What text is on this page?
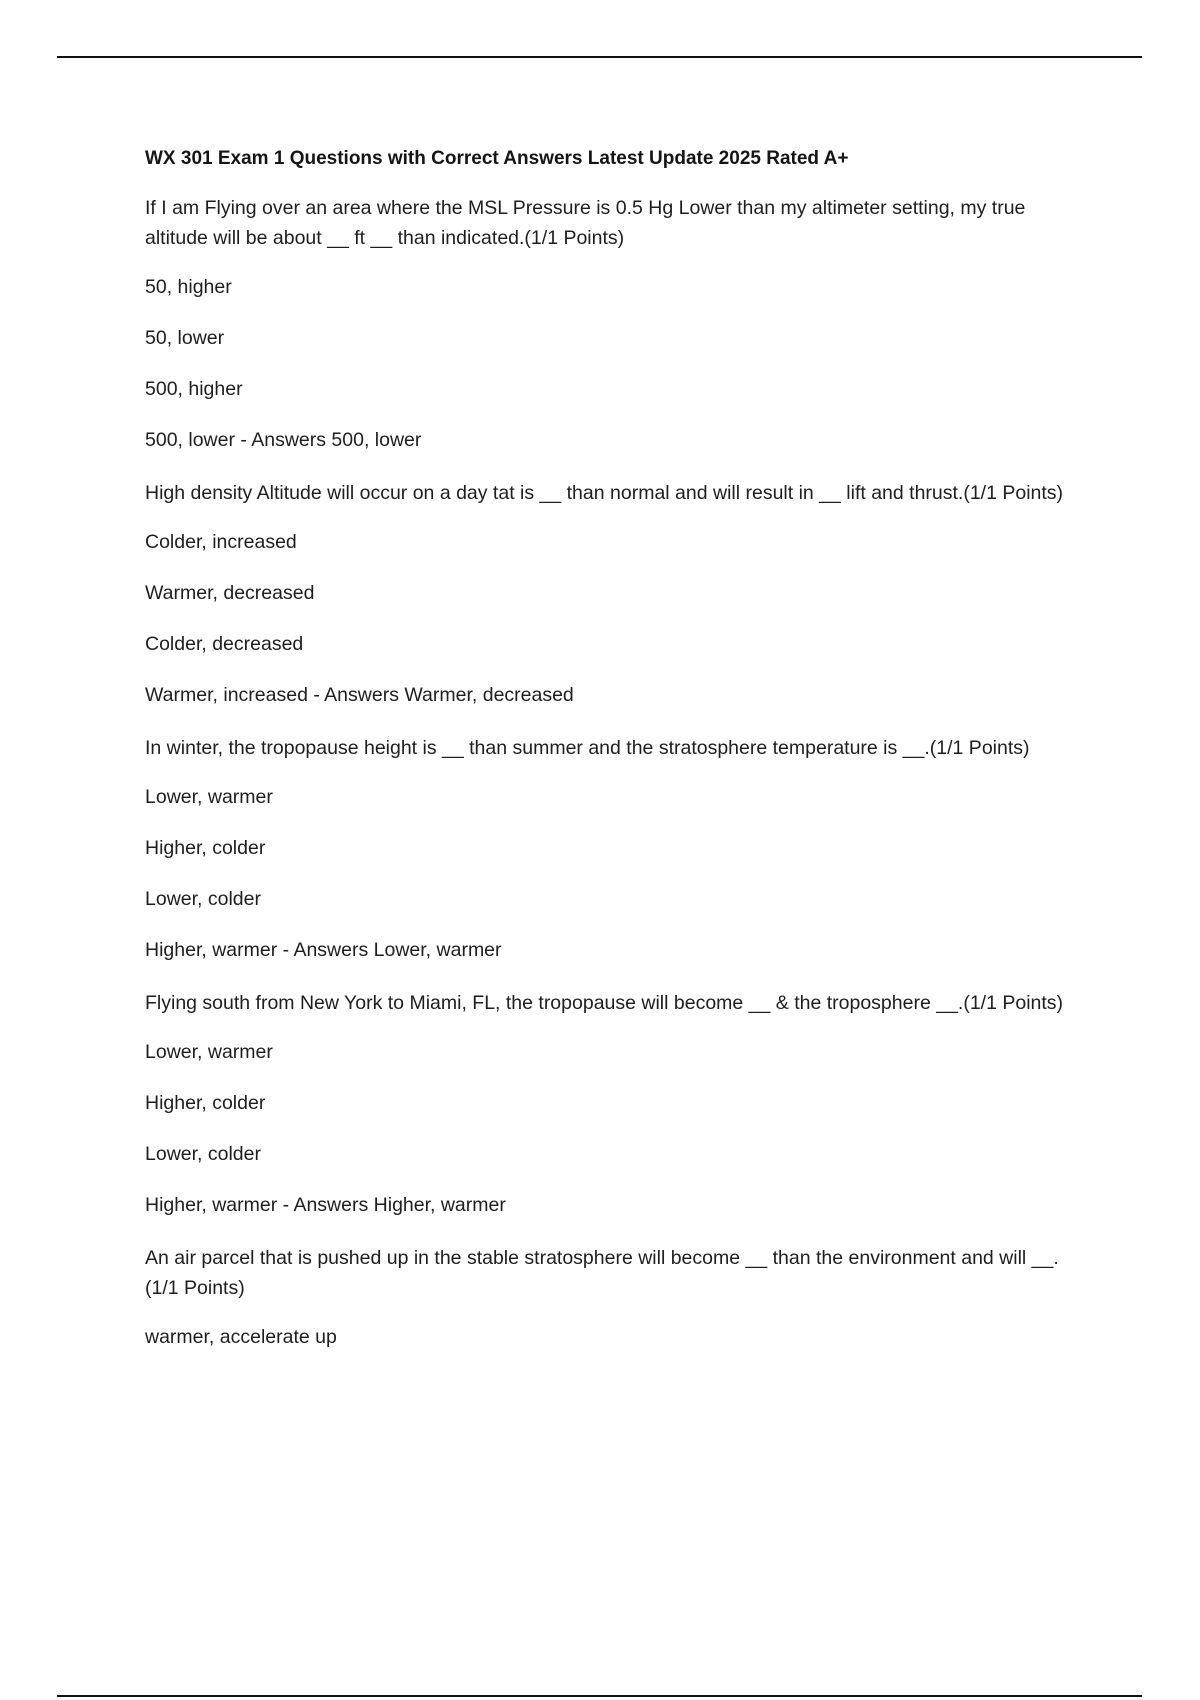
WX 301 Exam 1 Questions with Correct Answers Latest Update 2025 Rated A+
If I am Flying over an area where the MSL Pressure is 0.5 Hg Lower than my altimeter setting, my true altitude will be about __ ft __ than indicated.(1/1 Points)
50, higher
50, lower
500, higher
500, lower - Answers 500, lower
High density Altitude will occur on a day tat is __ than normal and will result in __ lift and thrust.(1/1 Points)
Colder, increased
Warmer, decreased
Colder, decreased
Warmer, increased - Answers Warmer, decreased
In winter, the tropopause height is __ than summer and the stratosphere temperature is __.(1/1 Points)
Lower, warmer
Higher, colder
Lower, colder
Higher, warmer - Answers Lower, warmer
Flying south from New York to Miami, FL, the tropopause will become __ & the troposphere __.(1/1 Points)
Lower, warmer
Higher, colder
Lower, colder
Higher, warmer - Answers Higher, warmer
An air parcel that is pushed up in the stable stratosphere will become __ than the environment and will __.(1/1 Points)
warmer, accelerate up
